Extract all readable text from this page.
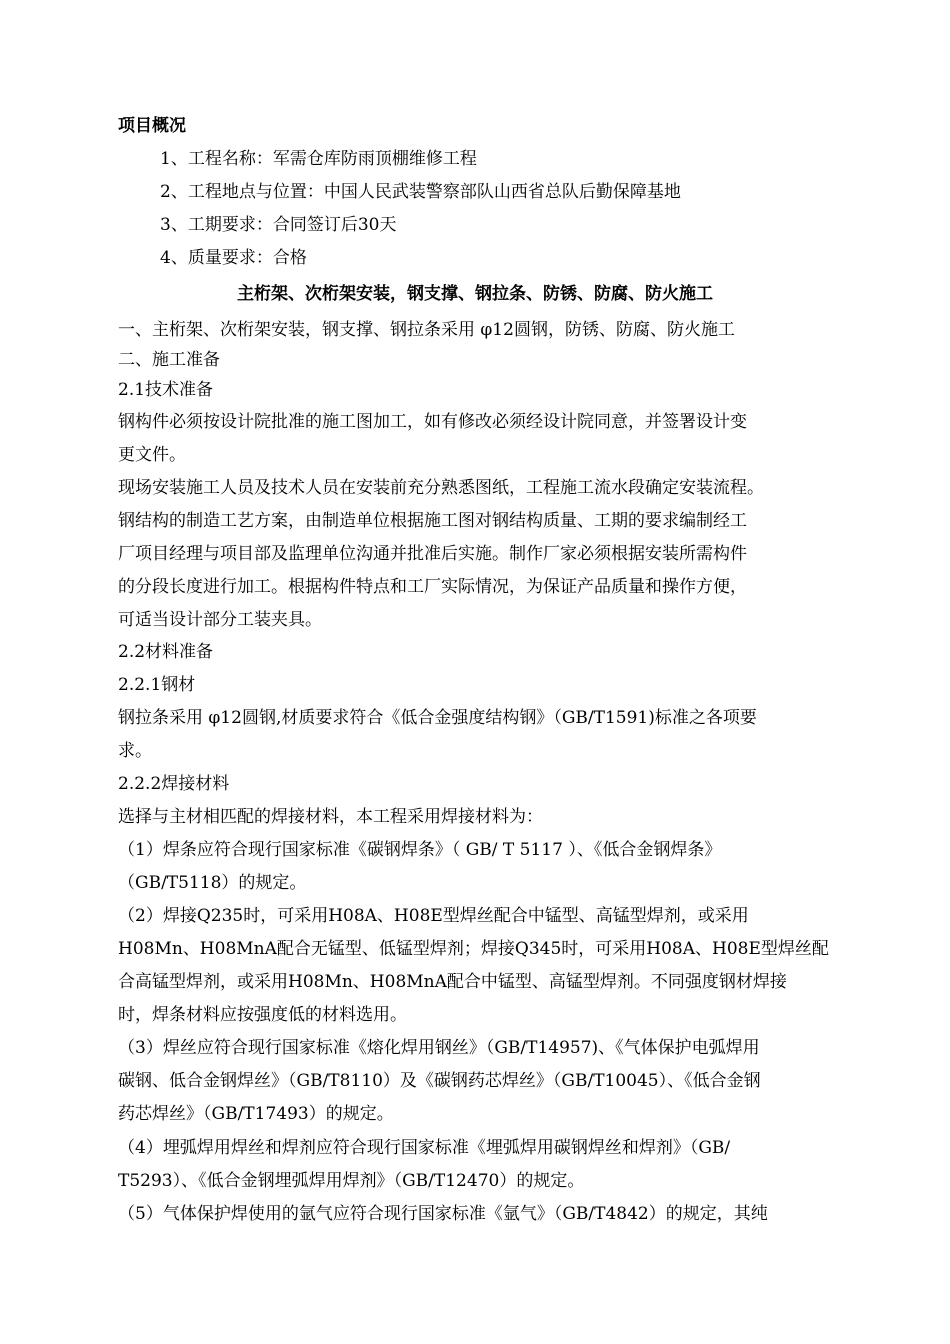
项目概况
1、工程名称：军需仓库防雨顶棚维修工程
2、工程地点与位置：中国人民武装警察部队山西省总队后勤保障基地
3、工期要求：合同签订后30天
4、质量要求：合格
主桁架、次桁架安装，钢支撑、钢拉条、防锈、防腐、防火施工
一、主桁架、次桁架安装，钢支撑、钢拉条采用 φ12圆钢，防锈、防腐、防火施工
二、施工准备
2.1技术准备
钢构件必须按设计院批准的施工图加工，如有修改必须经设计院同意，并签署设计变
更文件。
现场安装施工人员及技术人员在安装前充分熟悉图纸，工程施工流水段确定安装流程。
钢结构的制造工艺方案，由制造单位根据施工图对钢结构质量、工期的要求编制经工
厂项目经理与项目部及监理单位沟通并批准后实施。制作厂家必须根据安装所需构件
的分段长度进行加工。根据构件特点和工厂实际情况，为保证产品质量和操作方便，
可适当设计部分工装夹具。
2.2材料准备
2.2.1钢材
钢拉条采用 φ12圆钢,材质要求符合《低合金强度结构钢》（GB/T1591)标准之各项要
求。
2.2.2焊接材料
选择与主材相匹配的焊接材料，本工程采用焊接材料为：
（1）焊条应符合现行国家标准《碳钢焊条》（ GB/ T 5117 ）、《低合金钢焊条》
（GB/T5118）的规定。
（2）焊接Q235时，可采用H08A、H08E型焊丝配合中锰型、高锰型焊剂，或采用
H08Mn、H08MnA配合无锰型、低锰型焊剂；焊接Q345时，可采用H08A、H08E型焊丝配
合高锰型焊剂，或采用H08Mn、H08MnA配合中锰型、高锰型焊剂。不同强度钢材焊接
时，焊条材料应按强度低的材料选用。
（3）焊丝应符合现行国家标准《熔化焊用钢丝》（GB/T14957)、《气体保护电弧焊用
碳钢、低合金钢焊丝》（GB/T8110）及《碳钢药芯焊丝》（GB/T10045）、《低合金钢
药芯焊丝》（GB/T17493）的规定。
（4）埋弧焊用焊丝和焊剂应符合现行国家标准《埋弧焊用碳钢焊丝和焊剂》（GB/
T5293）、《低合金钢埋弧焊用焊剂》（GB/T12470）的规定。
（5）气体保护焊使用的氩气应符合现行国家标准《氩气》（GB/T4842）的规定，其纯
